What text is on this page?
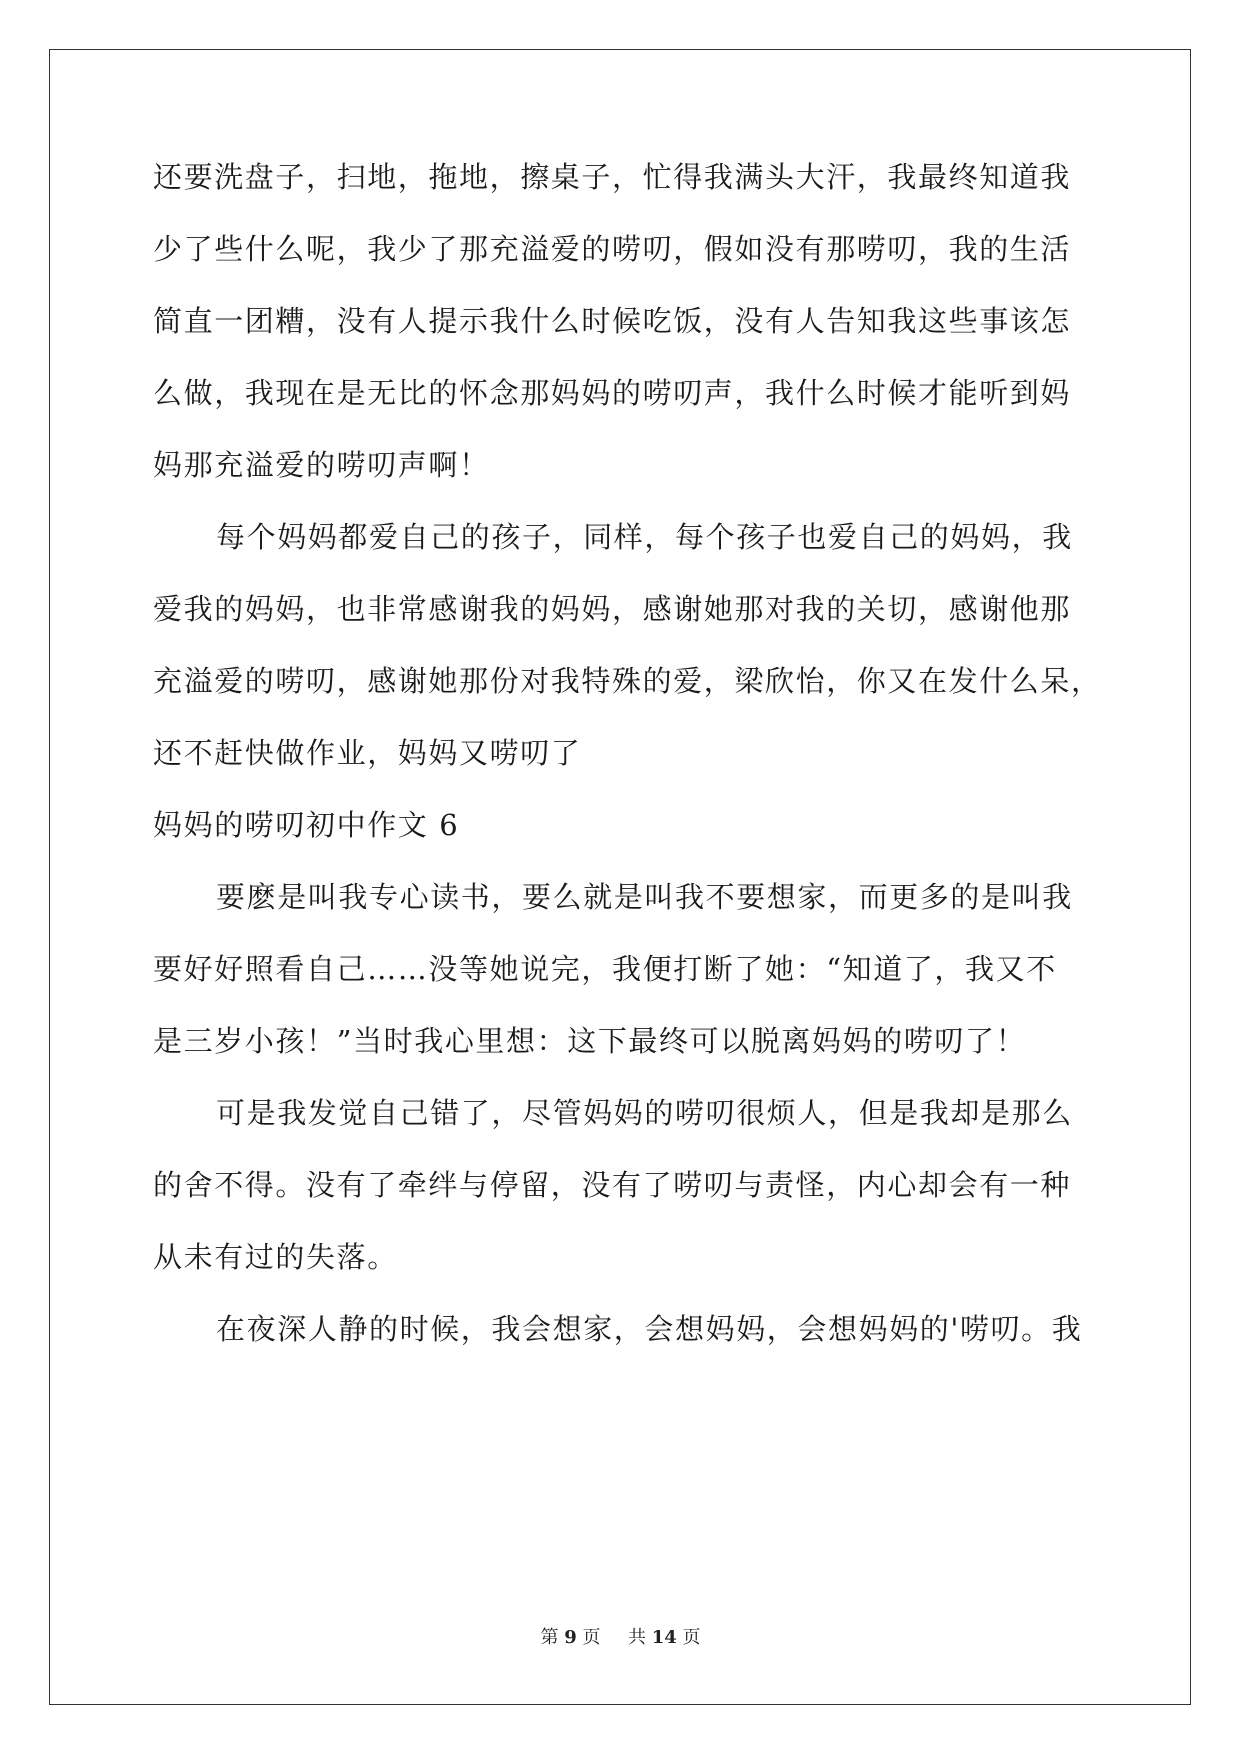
还要洗盘子，扫地，拖地，擦桌子，忙得我满头大汗，我最终知道我
少了些什么呢，我少了那充溢爱的唠叨，假如没有那唠叨，我的生活
简直一团糟，没有人提示我什么时候吃饭，没有人告知我这些事该怎
么做，我现在是无比的怀念那妈妈的唠叨声，我什么时候才能听到妈
妈那充溢爱的唠叨声啊！
每个妈妈都爱自己的孩子，同样，每个孩子也爱自己的妈妈，我
爱我的妈妈，也非常感谢我的妈妈，感谢她那对我的关切，感谢他那
充溢爱的唠叨，感谢她那份对我特殊的爱，梁欣怡，你又在发什么呆，
还不赶快做作业，妈妈又唠叨了
妈妈的唠叨初中作文 6
要麽是叫我专心读书，要么就是叫我不要想家，而更多的是叫我
要好好照看自己……没等她说完，我便打断了她：“知道了，我又不
是三岁小孩！”当时我心里想：这下最终可以脱离妈妈的唠叨了！
可是我发觉自己错了，尽管妈妈的唠叨很烦人，但是我却是那么
的舍不得。没有了牵绊与停留，没有了唠叨与责怪，内心却会有一种
从未有过的失落。
在夜深人静的时候，我会想家，会想妈妈，会想妈妈的'唠叨。我
第 9 页 共 14 页
